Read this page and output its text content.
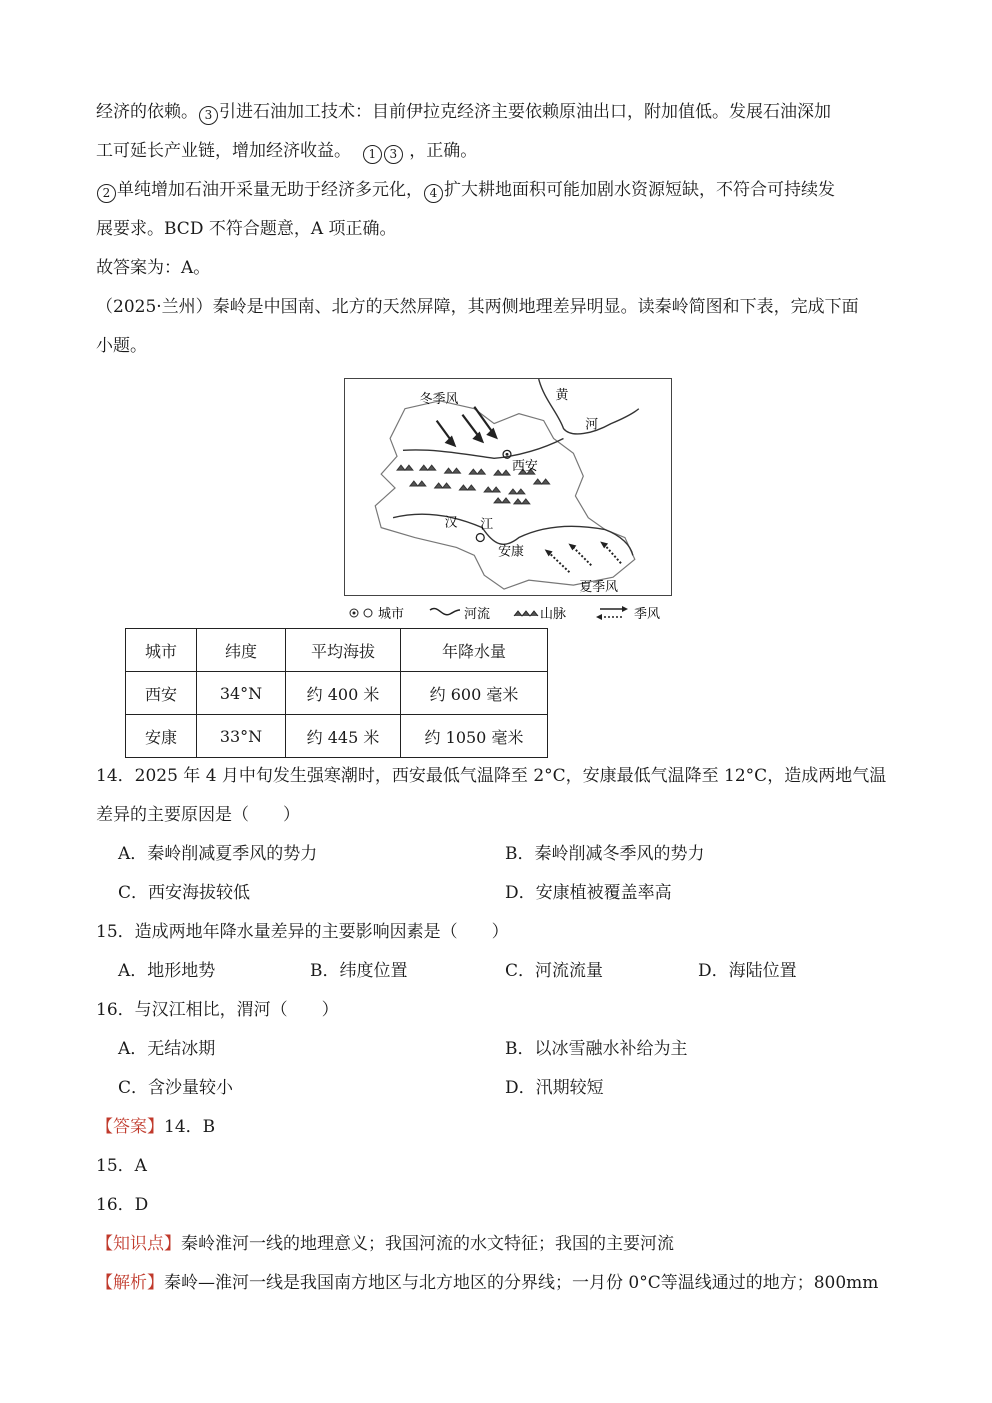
经济的依赖。 3 引进石油加工技术：目前伊拉克经济主要依赖原油出口，附加值低。发展石油深加
工可延长产业链，增加经济收益。 1 3 ，正确。
2 单纯增加石油开采量无助于经济多元化， 4 扩大耕地面积可能加剧水资源短缺，不符合可持续发
展要求。BCD 不符合题意，A 项正确。
故答案为：A。
（2025·兰州）秦岭是中国南、北方的天然屏障，其两侧地理差异明显。读秦岭简图和下表，完成下面
小题。
冬季风	黄
河
西安
汉 江
安康
夏季风
城市	河流	山脉	季风
城市	纬度	平均海拔	年降水量
西安	34°N	约 400 米	约 600 毫米
安康	33°N	约 445 米	约 1050 毫米
14．2025 年 4 月中旬发生强寒潮时，西安最低气温降至 2°C，安康最低气温降至 12°C，造成两地气温
差异的主要原因是（　　）
A．秦岭削减夏季风的势力	B．秦岭削减冬季风的势力
C．西安海拔较低	D．安康植被覆盖率高
15．造成两地年降水量差异的主要影响因素是（　　）
A．地形地势	B．纬度位置	C．河流流量	D．海陆位置
16．与汉江相比，渭河（　　）
A．无结冰期	B．以冰雪融水补给为主
C．含沙量较小	D．汛期较短
【答案】14．B
15．A
16．D
【知识点】秦岭淮河一线的地理意义；我国河流的水文特征；我国的主要河流
【解析】秦岭—淮河一线是我国南方地区与北方地区的分界线；一月份 0°C等温线通过的地方；800mm
